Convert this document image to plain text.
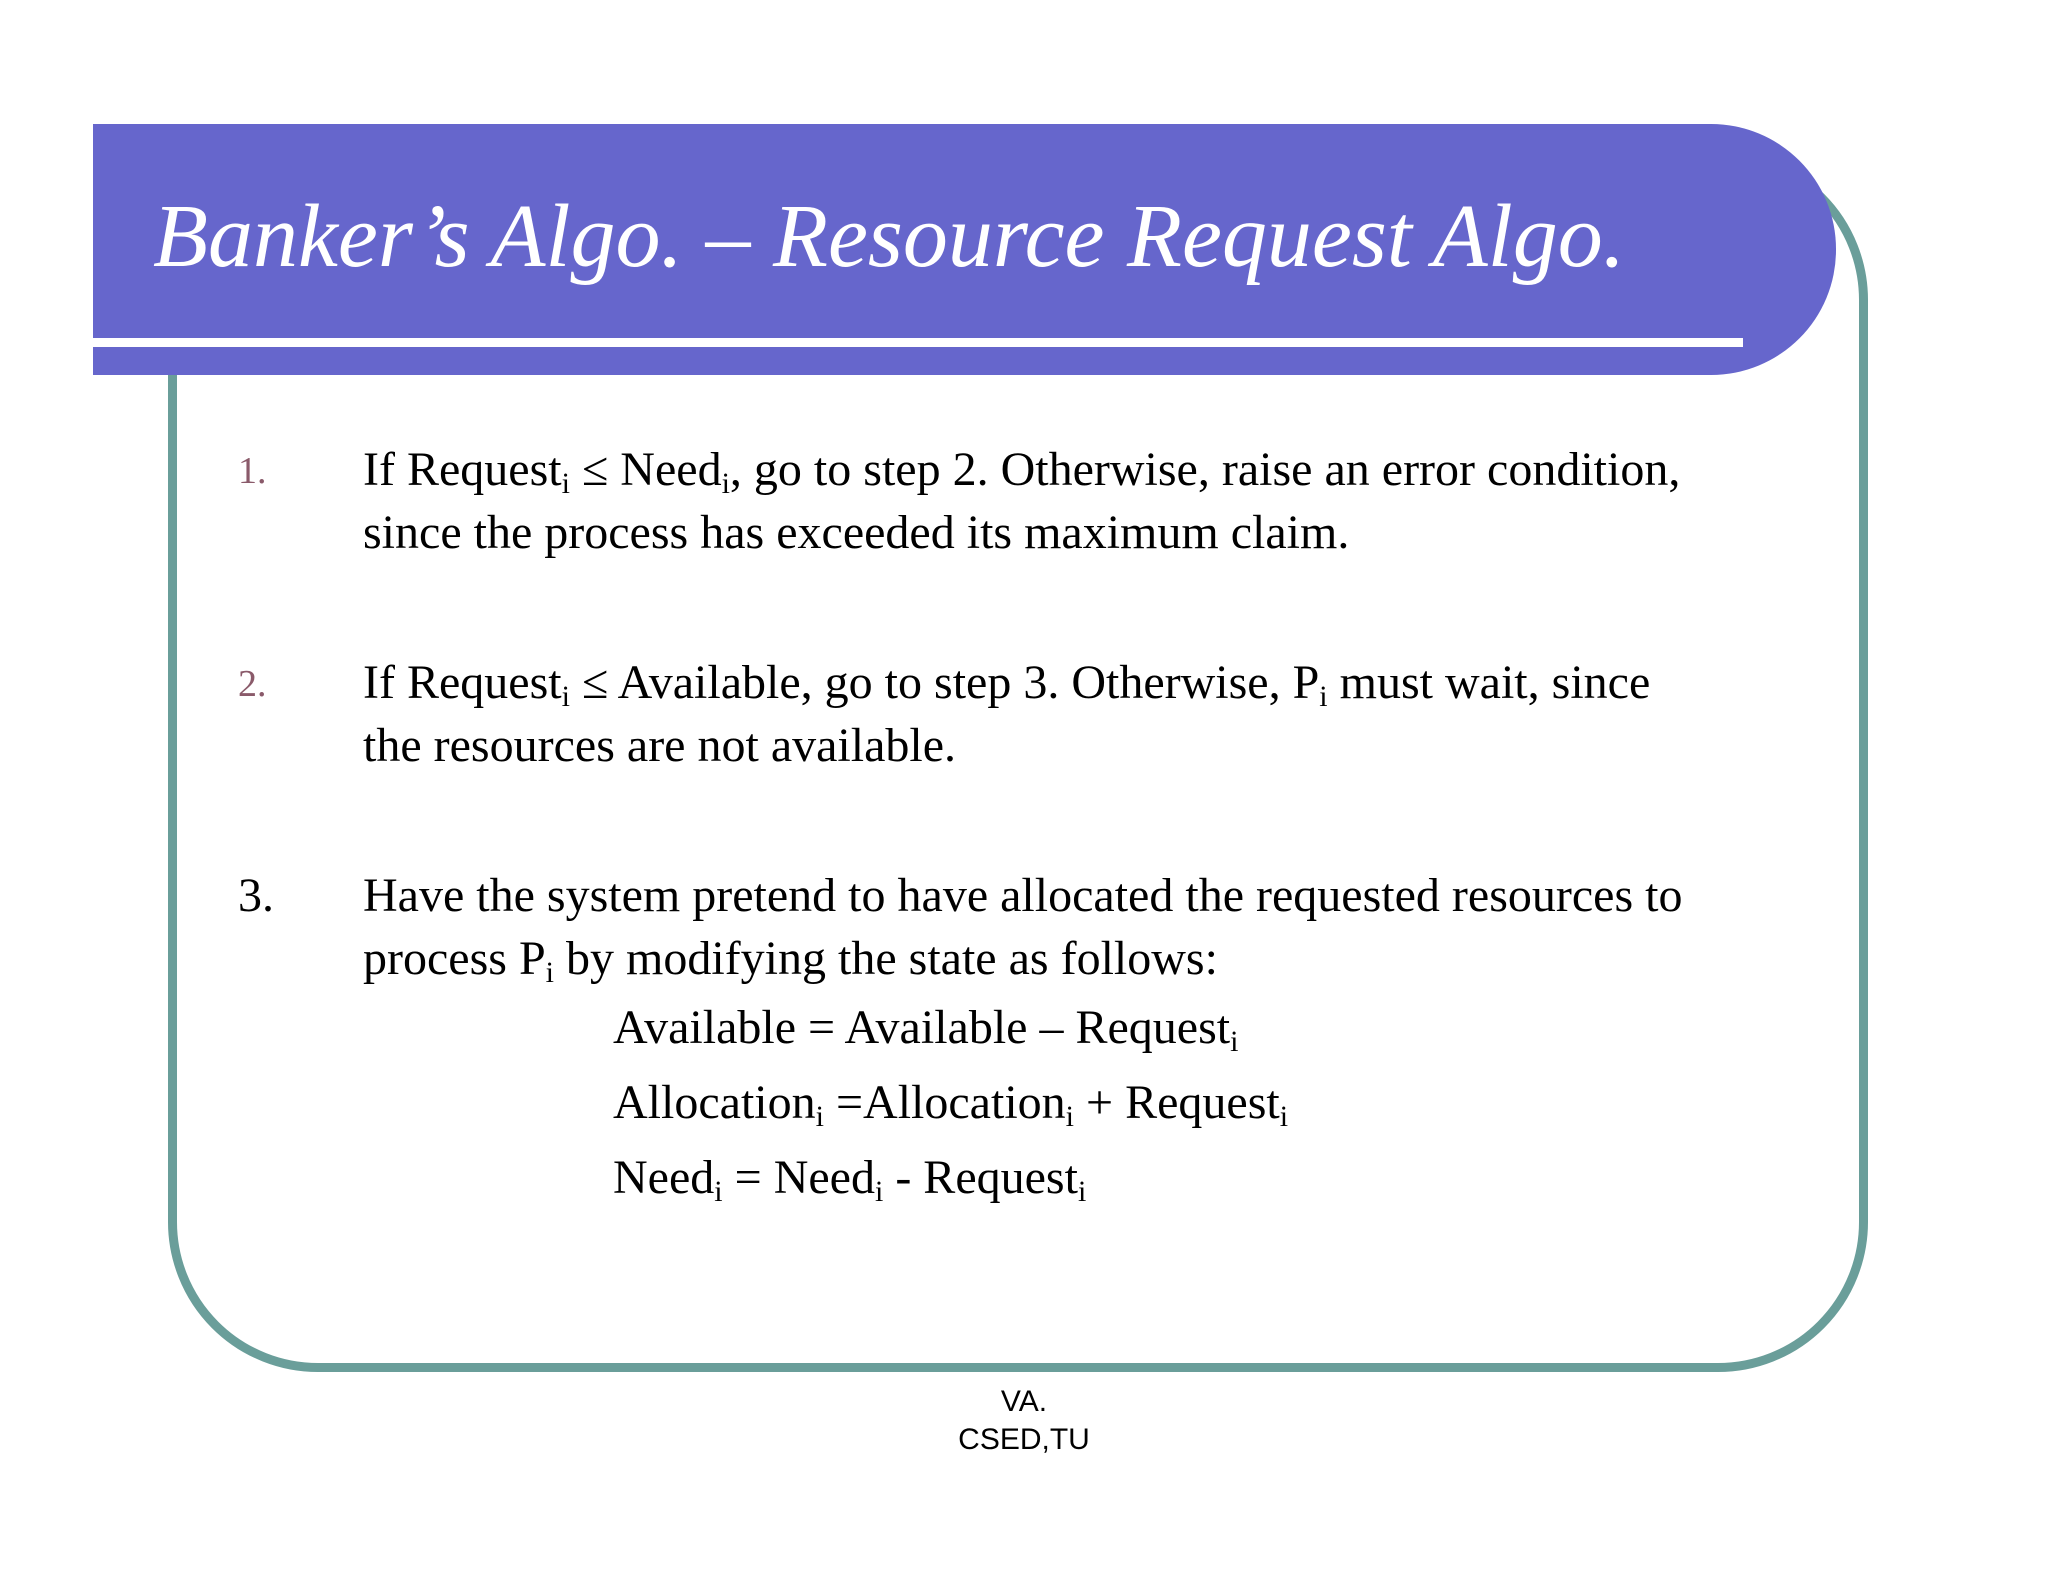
Banker’s Algo. – Resource Request Algo.
1. If Request$_i$ ≤ Need$_i$, go to step 2. Otherwise, raise an error condition,
since the process has exceeded its maximum claim.
2. If Request$_i$ ≤ Available, go to step 3. Otherwise, $P_i$ must wait, since
the resources are not available.
3. Have the system pretend to have allocated the requested resources to
process $P_i$ by modifying the state as follows:
Available = Available – Request$_i$
Allocation$_i$ =Allocation$_i$ + Request$_i$
Need$_i$ = Need$_i$ - Request$_i$
VA.
CSED,TU
